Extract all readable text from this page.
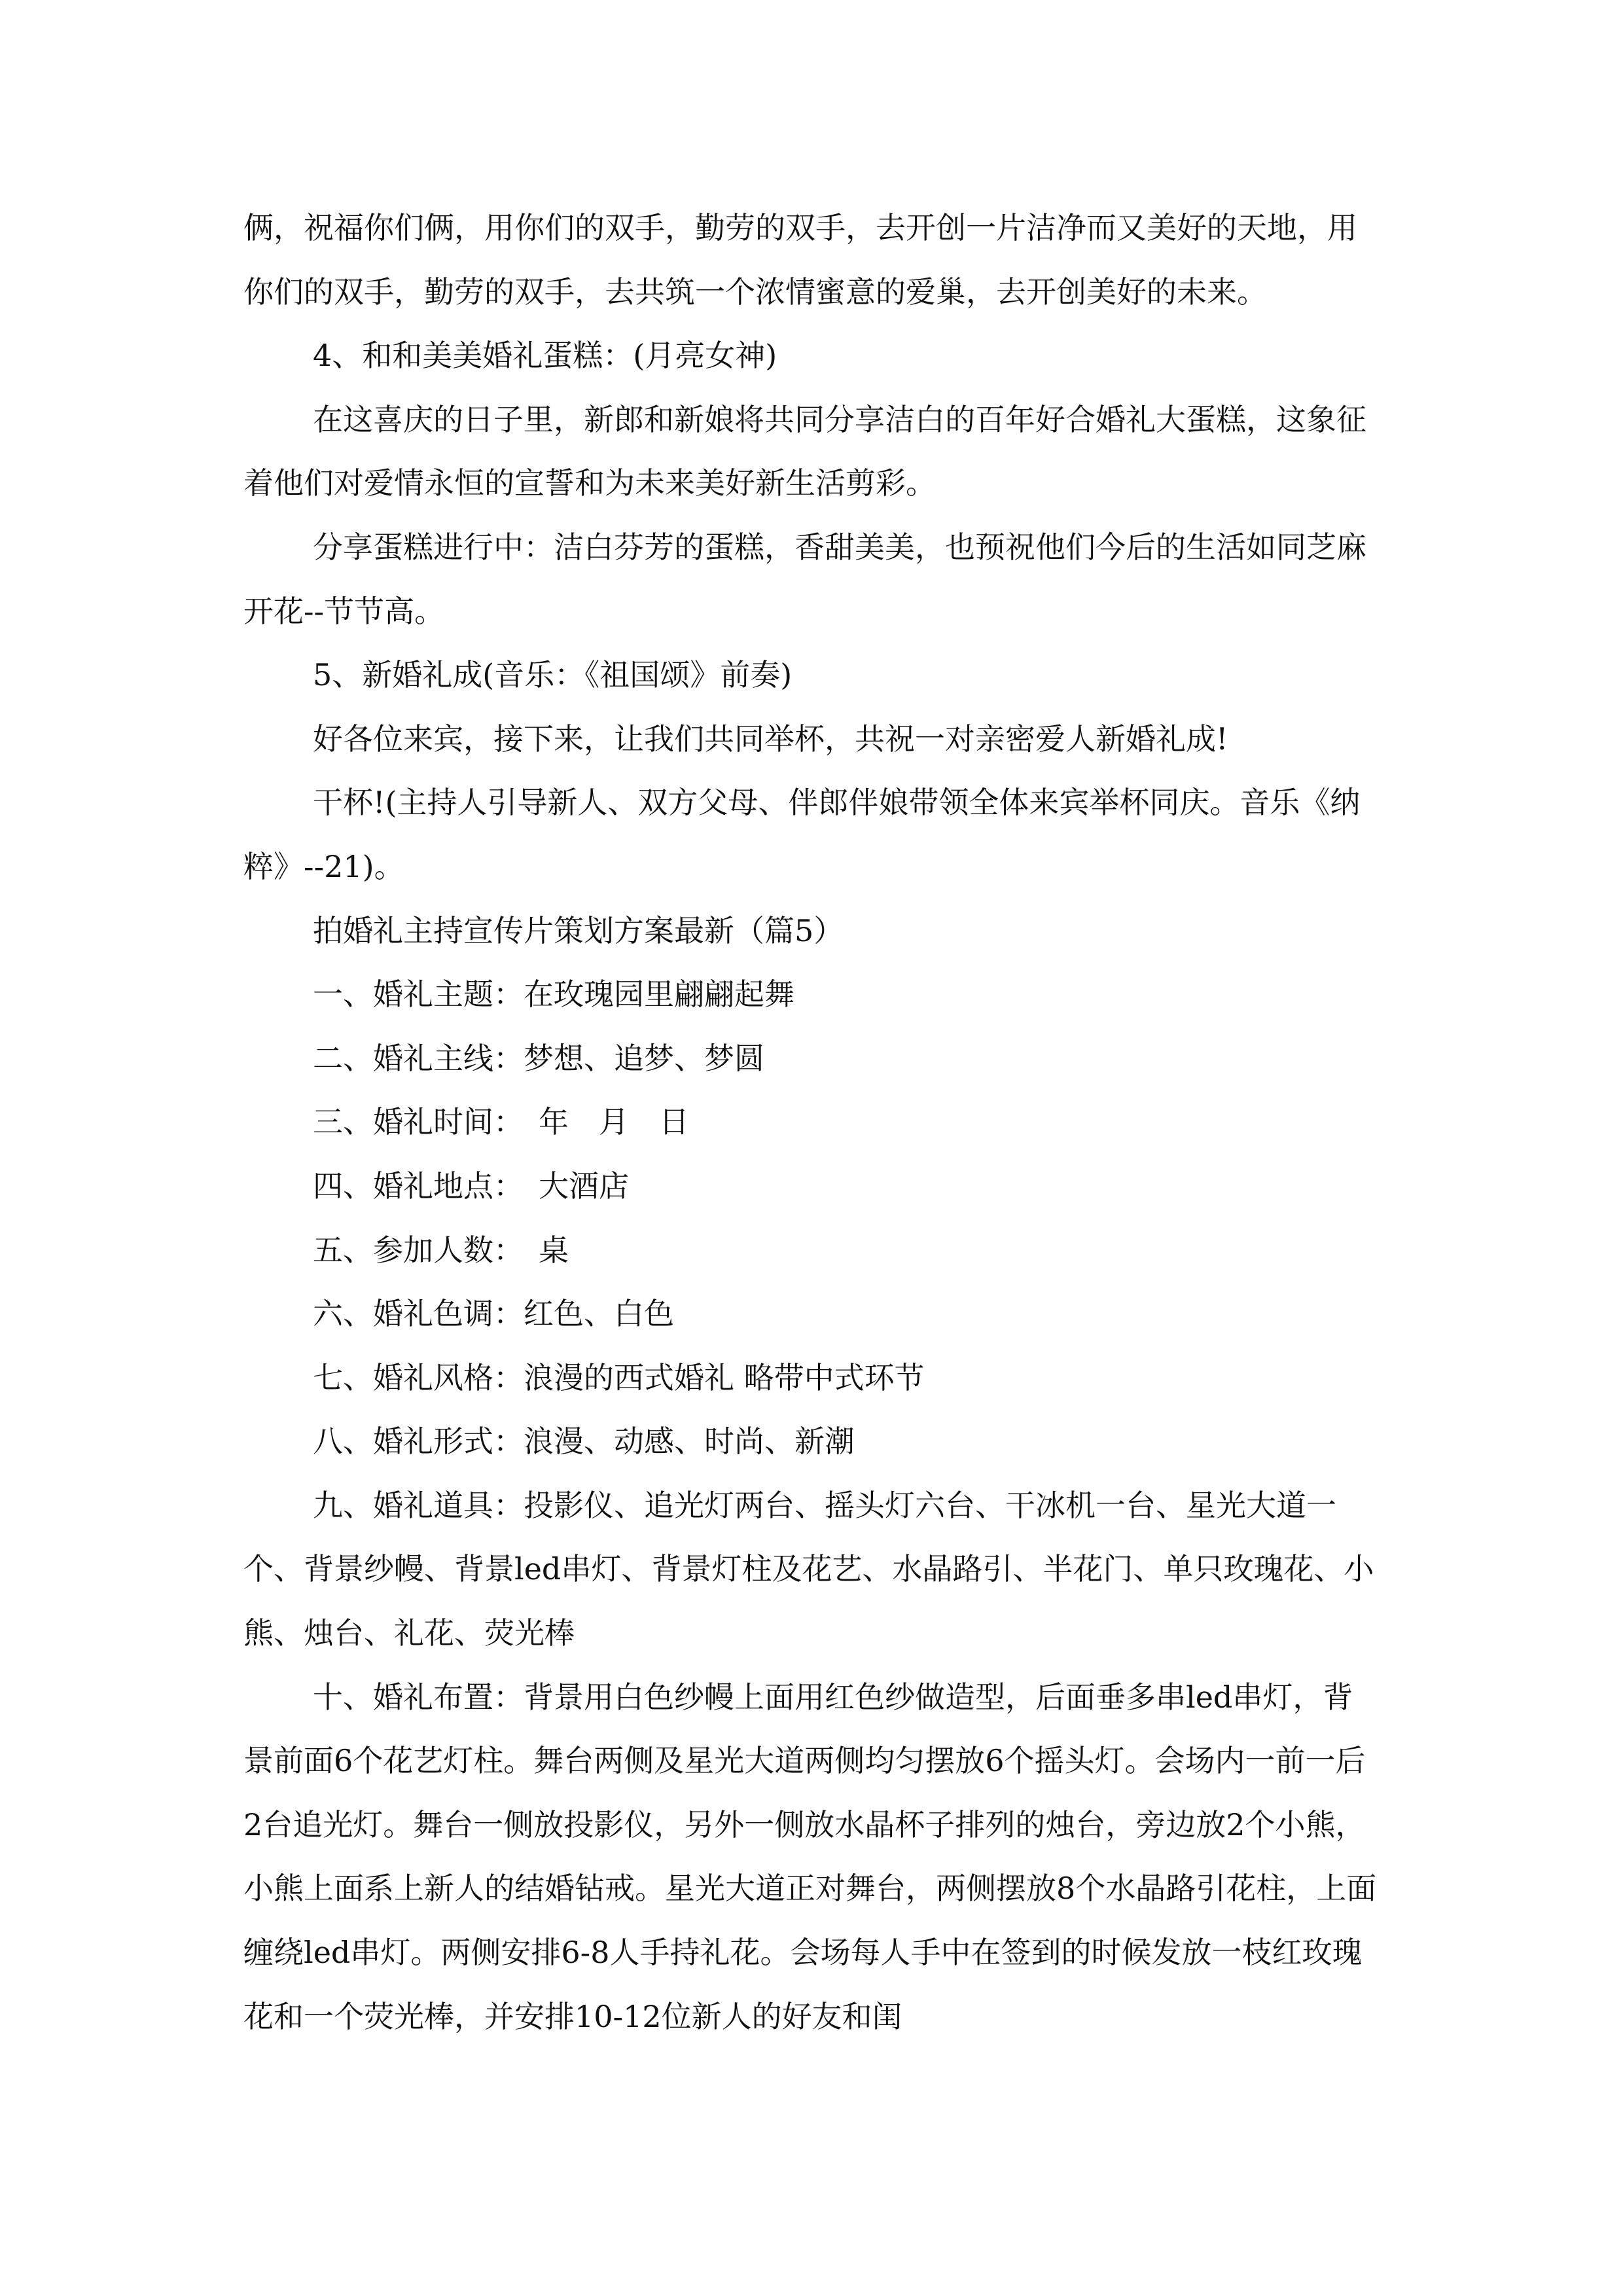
俩，祝福你们俩，用你们的双手，勤劳的双手，去开创一片洁净而又美好的天地，用你们的双手，勤劳的双手，去共筑一个浓情蜜意的爱巢，去开创美好的未来。

4、和和美美婚礼蛋糕：(月亮女神)

在这喜庆的日子里，新郎和新娘将共同分享洁白的百年好合婚礼大蛋糕，这象征着他们对爱情永恒的宣誓和为未来美好新生活剪彩。

分享蛋糕进行中：洁白芬芳的蛋糕，香甜美美，也预祝他们今后的生活如同芝麻开花--节节高。

5、新婚礼成(音乐：《祖国颂》前奏)

好各位来宾，接下来，让我们共同举杯，共祝一对亲密爱人新婚礼成!

干杯!(主持人引导新人、双方父母、伴郎伴娘带领全体来宾举杯同庆。音乐《纳粹》--21)。

拍婚礼主持宣传片策划方案最新（篇5）

一、婚礼主题：在玫瑰园里翩翩起舞

二、婚礼主线：梦想、追梦、梦圆

三、婚礼时间：　年　月　日

四、婚礼地点：　大酒店

五、参加人数：　桌

六、婚礼色调：红色、白色

七、婚礼风格：浪漫的西式婚礼 略带中式环节

八、婚礼形式：浪漫、动感、时尚、新潮

九、婚礼道具：投影仪、追光灯两台、摇头灯六台、干冰机一台、星光大道一个、背景纱幔、背景led串灯、背景灯柱及花艺、水晶路引、半花门、单只玫瑰花、小熊、烛台、礼花、荧光棒

十、婚礼布置：背景用白色纱幔上面用红色纱做造型，后面垂多串led串灯，背景前面6个花艺灯柱。舞台两侧及星光大道两侧均匀摆放6个摇头灯。会场内一前一后2台追光灯。舞台一侧放投影仪，另外一侧放水晶杯子排列的烛台，旁边放2个小熊，小熊上面系上新人的结婚钻戒。星光大道正对舞台，两侧摆放8个水晶路引花柱，上面缠绕led串灯。两侧安排6-8人手持礼花。会场每人手中在签到的时候发放一枝红玫瑰花和一个荧光棒，并安排10-12位新人的好友和闺
